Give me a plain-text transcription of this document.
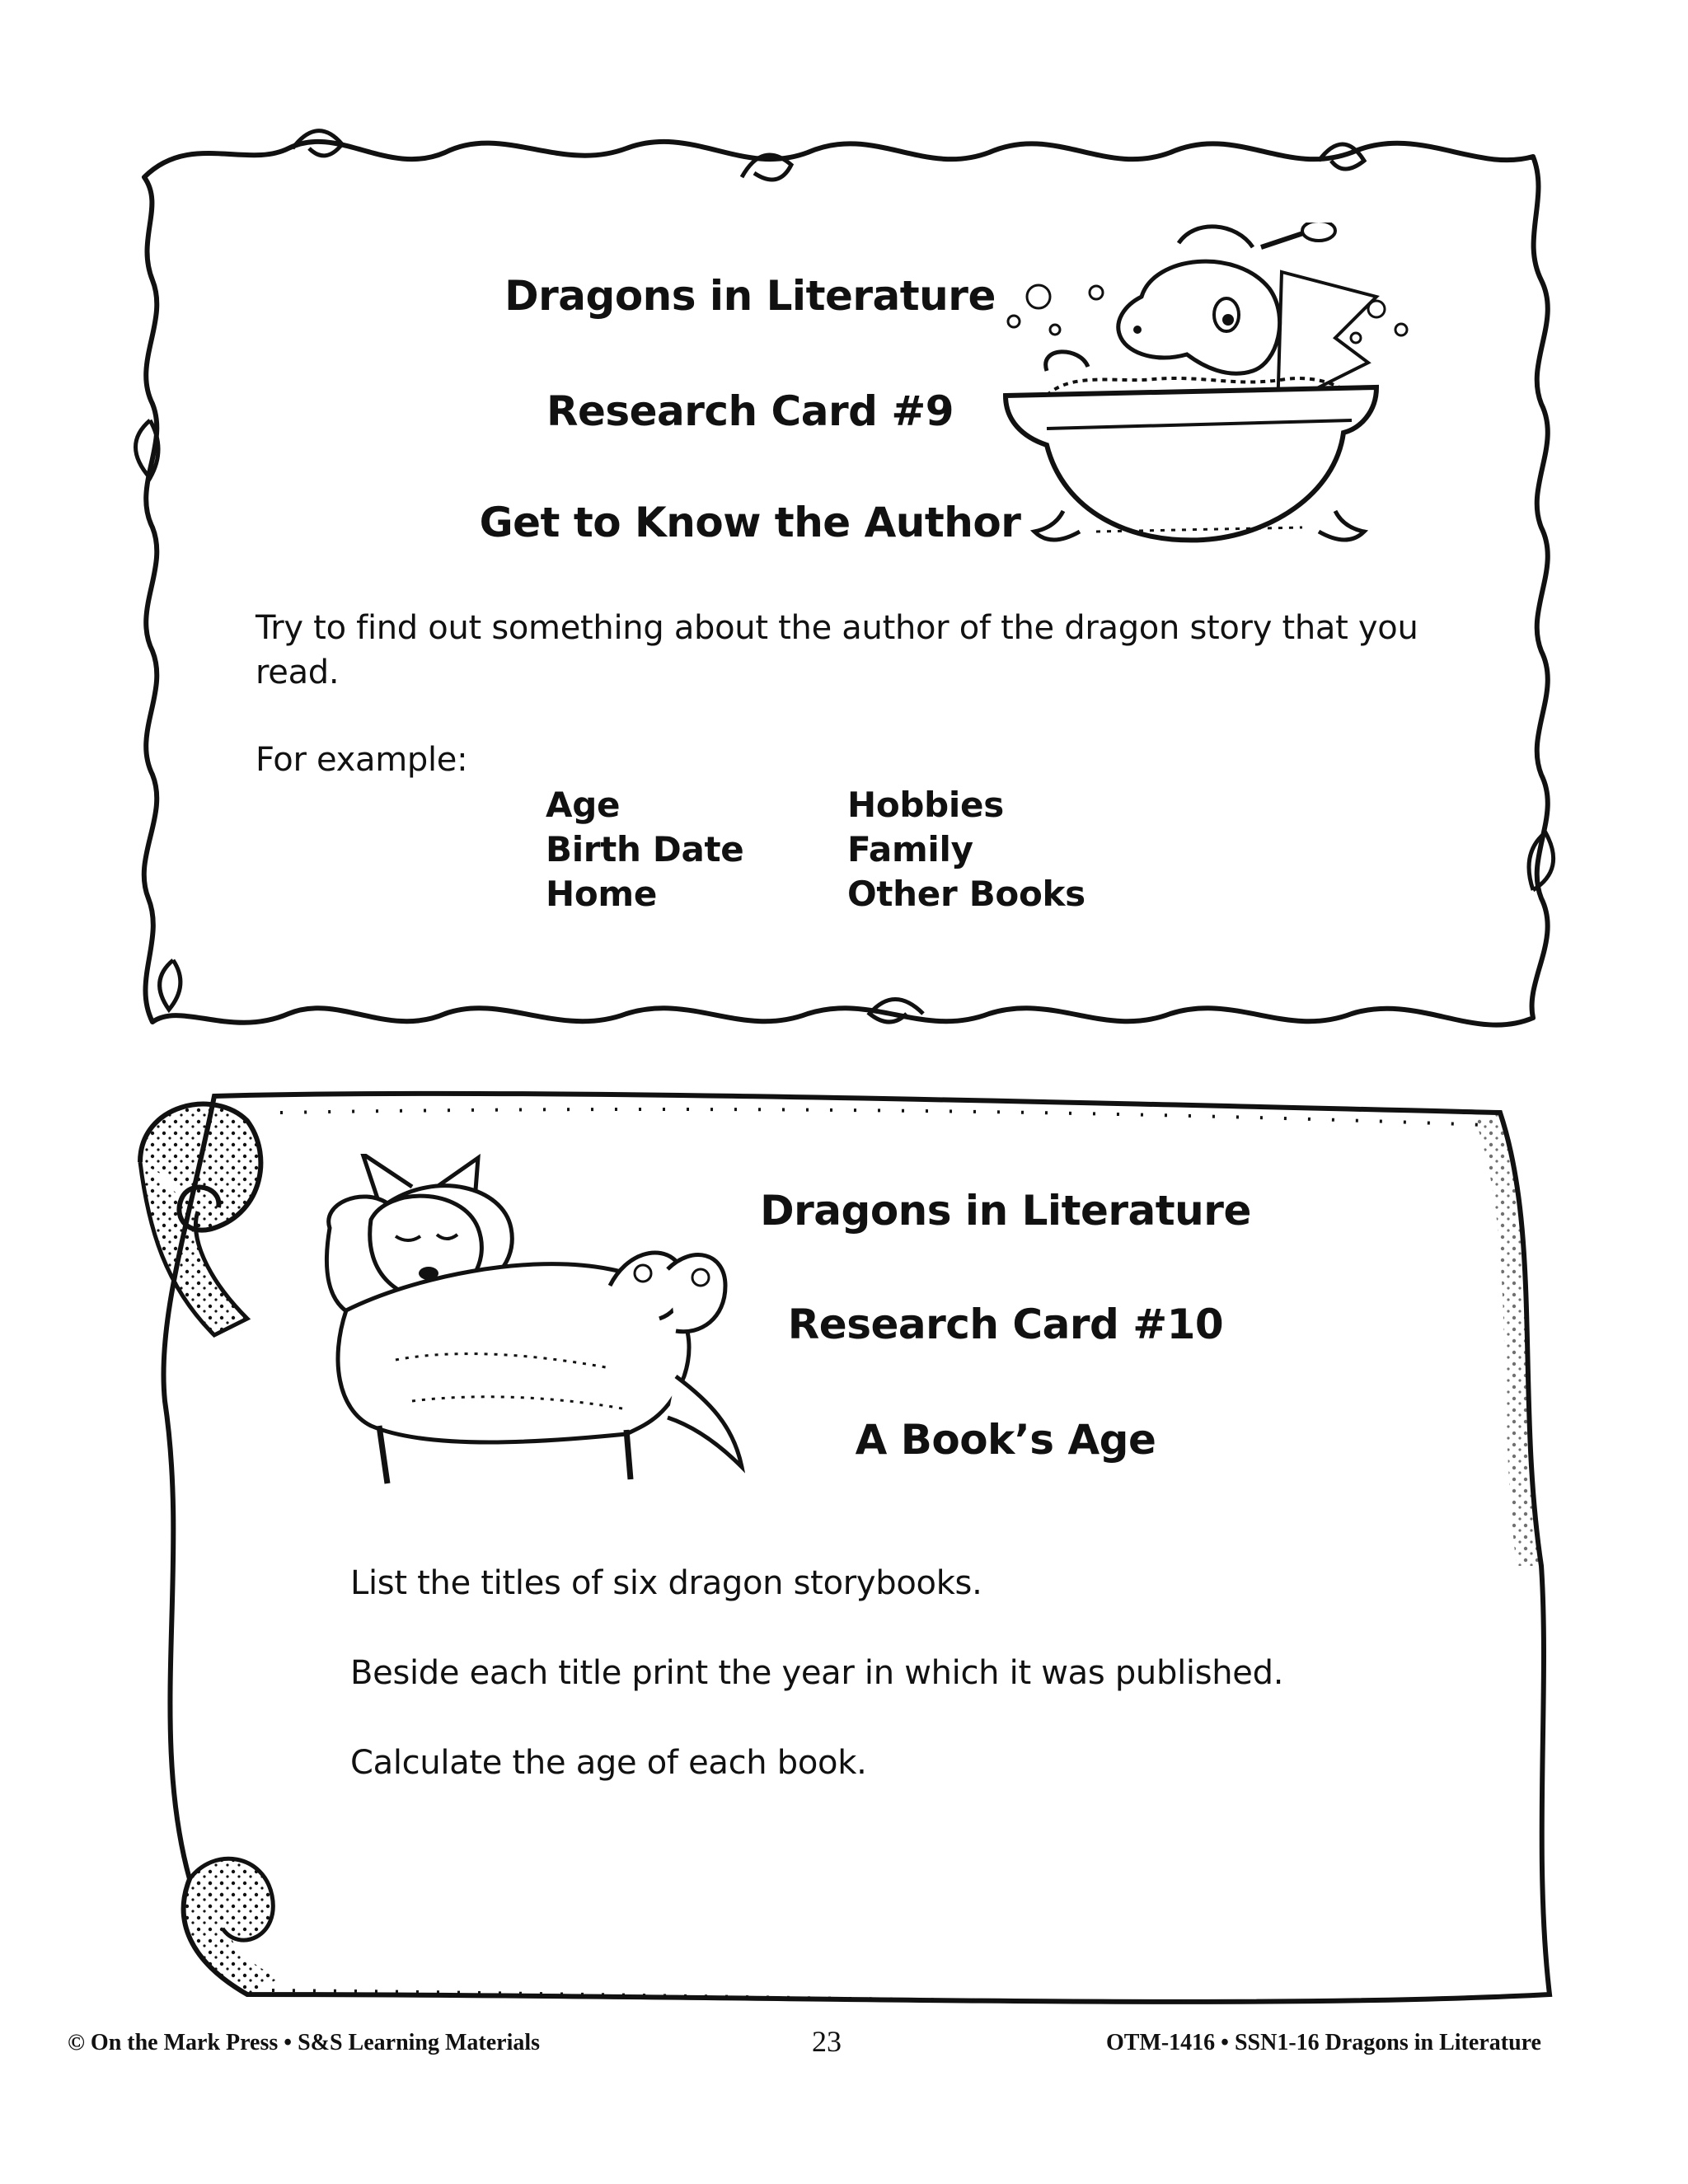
Dragons in Literature
Research Card #9
Get to Know the Author
Try to find out something about the author of the dragon story that you read.
For example:
Age
Birth Date
Home
Hobbies
Family
Other Books
Dragons in Literature
Research Card #10
A Book’s Age
List the titles of six dragon storybooks.
Beside each title print the year in which it was published.
Calculate the age of each book.
© On the Mark Press • S&S Learning Materials	23	OTM-1416 • SSN1-16 Dragons in Literature
